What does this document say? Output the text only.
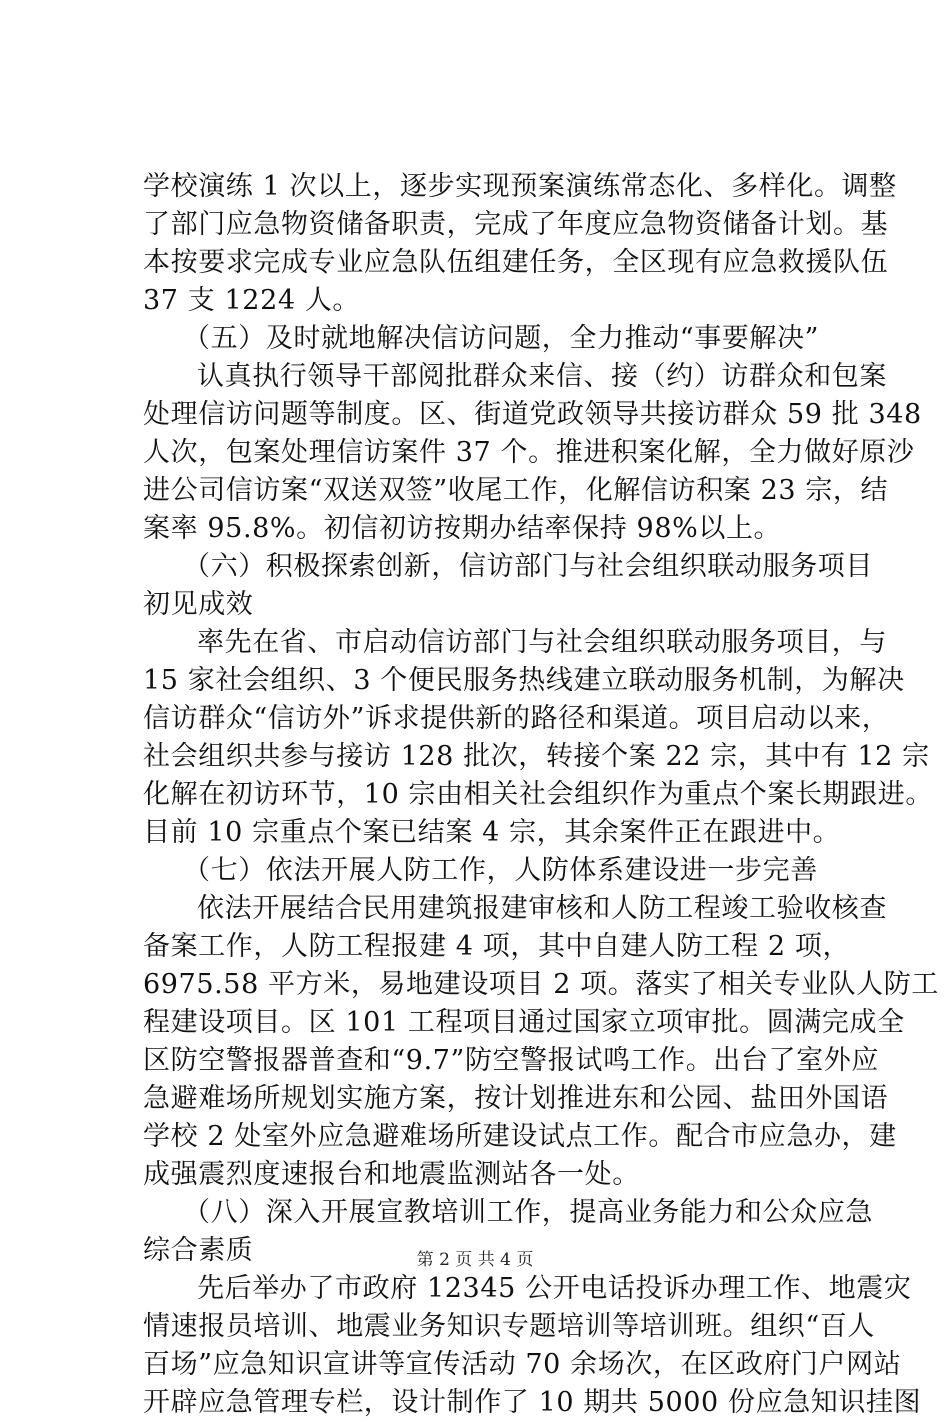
学校演练 1 次以上，逐步实现预案演练常态化、多样化。调整
了部门应急物资储备职责，完成了年度应急物资储备计划。基
本按要求完成专业应急队伍组建任务，全区现有应急救援队伍
37 支 1224 人。
（五）及时就地解决信访问题，全力推动“事要解决”
认真执行领导干部阅批群众来信、接（约）访群众和包案
处理信访问题等制度。区、街道党政领导共接访群众 59 批 348
人次，包案处理信访案件 37 个。推进积案化解，全力做好原沙
进公司信访案“双送双签”收尾工作，化解信访积案 23 宗，结
案率 95.8%。初信初访按期办结率保持 98%以上。
（六）积极探索创新，信访部门与社会组织联动服务项目
初见成效
率先在省、市启动信访部门与社会组织联动服务项目，与
15 家社会组织、3 个便民服务热线建立联动服务机制，为解决
信访群众“信访外”诉求提供新的路径和渠道。项目启动以来，
社会组织共参与接访 128 批次，转接个案 22 宗，其中有 12 宗
化解在初访环节，10 宗由相关社会组织作为重点个案长期跟进。
目前 10 宗重点个案已结案 4 宗，其余案件正在跟进中。
（七）依法开展人防工作，人防体系建设进一步完善
依法开展结合民用建筑报建审核和人防工程竣工验收核查
备案工作，人防工程报建 4 项，其中自建人防工程 2 项，
6975.58 平方米，易地建设项目 2 项。落实了相关专业队人防工
程建设项目。区 101 工程项目通过国家立项审批。圆满完成全
区防空警报器普查和“9.7”防空警报试鸣工作。出台了室外应
急避难场所规划实施方案，按计划推进东和公园、盐田外国语
学校 2 处室外应急避难场所建设试点工作。配合市应急办，建
成强震烈度速报台和地震监测站各一处。
（八）深入开展宣教培训工作，提高业务能力和公众应急
综合素质
先后举办了市政府 12345 公开电话投诉办理工作、地震灾
情速报员培训、地震业务知识专题培训等培训班。组织“百人
百场”应急知识宣讲等宣传活动 70 余场次，在区政府门户网站
开辟应急管理专栏，设计制作了 10 期共 5000 份应急知识挂图
第 2 页 共 4 页
